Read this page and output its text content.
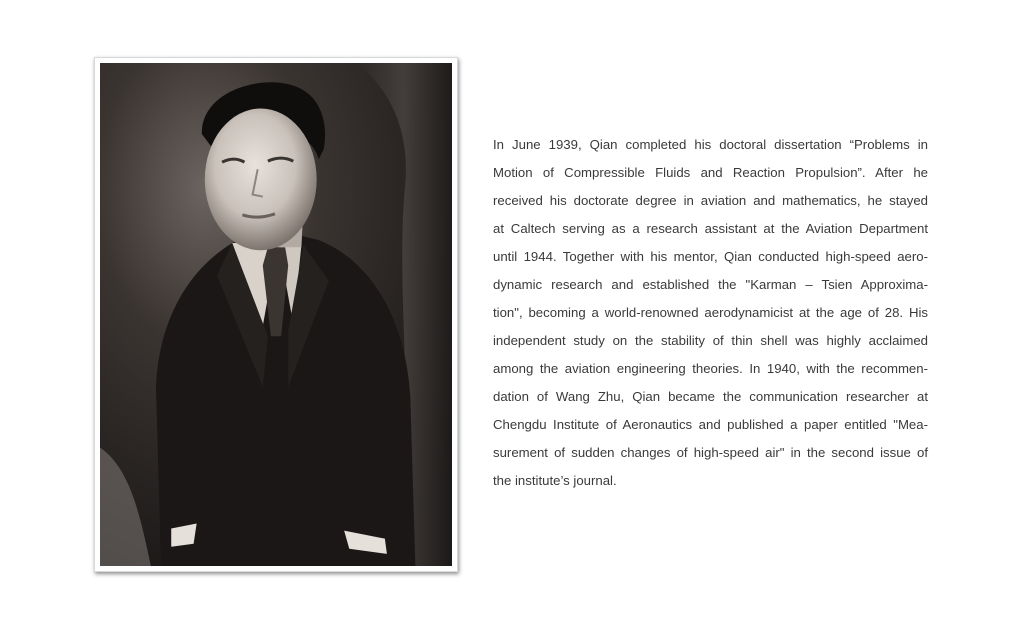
In June 1939, Qian completed his doctoral dissertation “Problems in
Motion of Compressible Fluids and Reaction Propulsion”. After he
received his doctorate degree in aviation and mathematics, he stayed
at Caltech serving as a research assistant at the Aviation Department
until 1944. Together with his mentor, Qian conducted high-speed aero-
dynamic research and established the "Karman – Tsien Approxima-
tion", becoming a world-renowned aerodynamicist at the age of 28. His
independent study on the stability of thin shell was highly acclaimed
among the aviation engineering theories. In 1940, with the recommen-
dation of Wang Zhu, Qian became the communication researcher at
Chengdu Institute of Aeronautics and published a paper entitled "Mea-
surement of sudden changes of high-speed air" in the second issue of
the institute’s journal.
